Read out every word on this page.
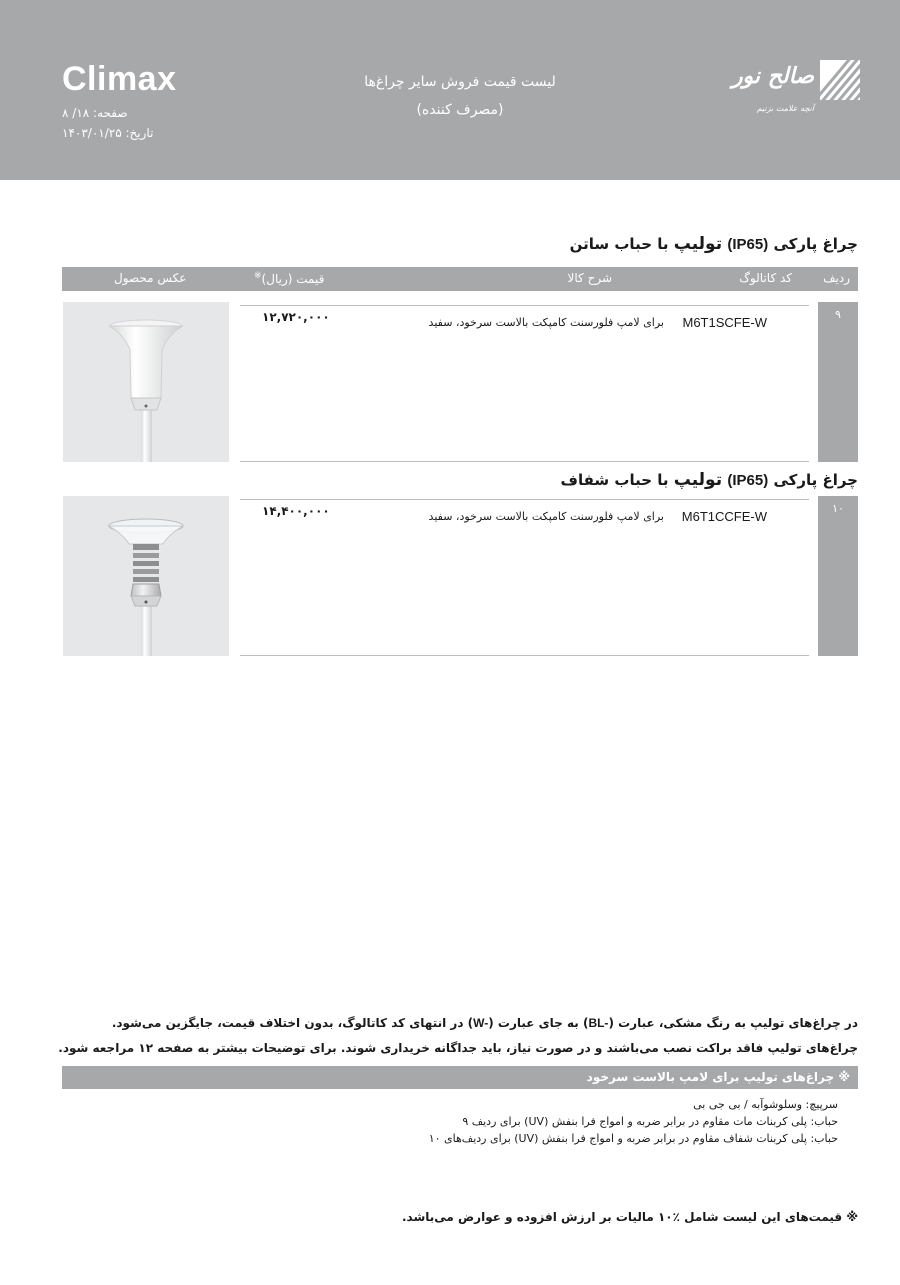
Climax
صفحه: ۱۸/ ۸
تاریخ: ۱۴۰۳/۰۱/۲۵
لیست قیمت فروش سایر چراغ‌ها
(مصرف کننده)
صالح نور
آنچه علامت بزنیم
چراغ پارکی (IP65) تولیپ با حباب ساتن
ردیف
کد کاتالوگ
شرح کالا
※قیمت (ریال)
عکس محصول
M6T1SCFE-W
برای لامپ فلورسنت کامپکت بالاست سرخود، سفید
۱۲,۷۲۰,۰۰۰	۹
چراغ پارکی (IP65) تولیپ با حباب شفاف
M6T1CCFE-W
برای لامپ فلورسنت کامپکت بالاست سرخود، سفید
۱۴,۴۰۰,۰۰۰	۱۰
در چراغ‌های تولیپ به رنگ مشکی، عبارت (BL-) به جای عبارت (W-) در انتهای کد کاتالوگ، بدون اختلاف قیمت، جایگزین می‌شود.
چراغ‌های تولیپ فاقد براکت نصب می‌باشند و در صورت نیاز، باید جداگانه خریداری شوند. برای توضیحات بیشتر به صفحه ۱۲ مراجعه شود.
※ چراغ‌های تولیپ برای لامپ بالاست سرخود
سرپیچ: وسلوشوآبه / بی جی بی
حباب: پلی کربنات مات مقاوم در برابر ضربه و امواج فرا بنفش (UV) برای ردیف ۹
حباب: پلی کربنات شفاف مقاوم در برابر ضربه و امواج فرا بنفش (UV) برای ردیف‌های ۱۰
※ قیمت‌های این لیست شامل ٪۱۰ مالیات بر ارزش افزوده و عوارض می‌باشد.
